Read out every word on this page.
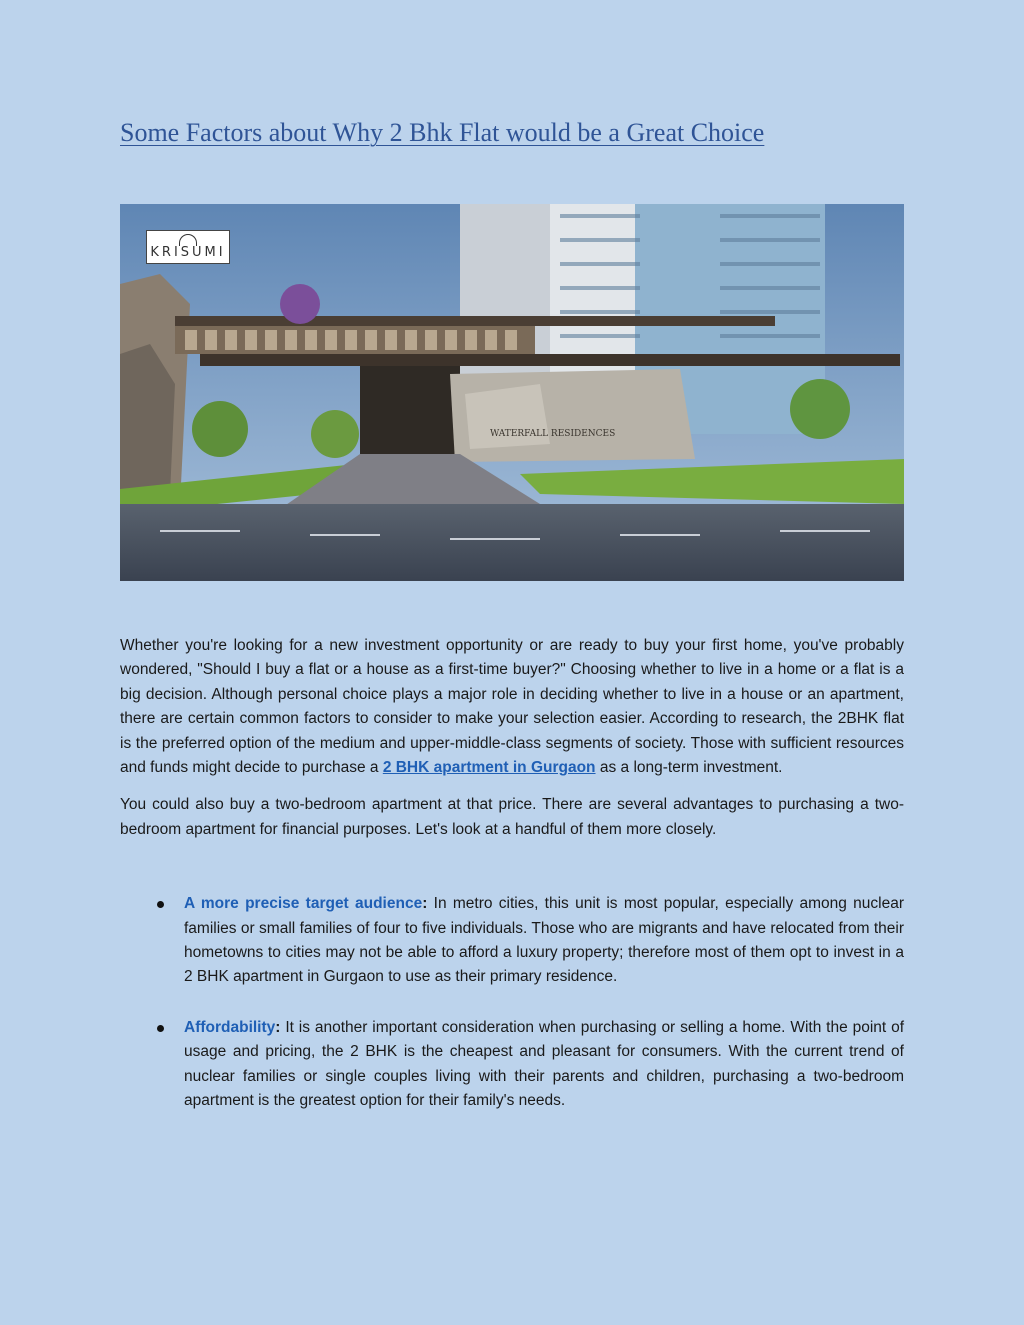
Some Factors about Why 2 Bhk Flat would be a Great Choice
WATERFALL RESIDENCES
KRISUMI

Whether you're looking for a new investment opportunity or are ready to buy your first home, you've probably wondered, "Should I buy a flat or a house as a first-time buyer?" Choosing whether to live in a home or a flat is a big decision. Although personal choice plays a major role in deciding whether to live in a house or an apartment, there are certain common factors to consider to make your selection easier. According to research, the 2BHK flat is the preferred option of the medium and upper-middle-class segments of society. Those with sufficient resources and funds might decide to purchase a 2 BHK apartment in Gurgaon as a long-term investment.

You could also buy a two-bedroom apartment at that price. There are several advantages to purchasing a two-bedroom apartment for financial purposes. Let's look at a handful of them more closely.

A more precise target audience: In metro cities, this unit is most popular, especially among nuclear families or small families of four to five individuals. Those who are migrants and have relocated from their hometowns to cities may not be able to afford a luxury property; therefore most of them opt to invest in a 2 BHK apartment in Gurgaon to use as their primary residence.
Affordability: It is another important consideration when purchasing or selling a home. With the point of usage and pricing, the 2 BHK is the cheapest and pleasant for consumers. With the current trend of nuclear families or single couples living with their parents and children, purchasing a two-bedroom apartment is the greatest option for their family's needs.
